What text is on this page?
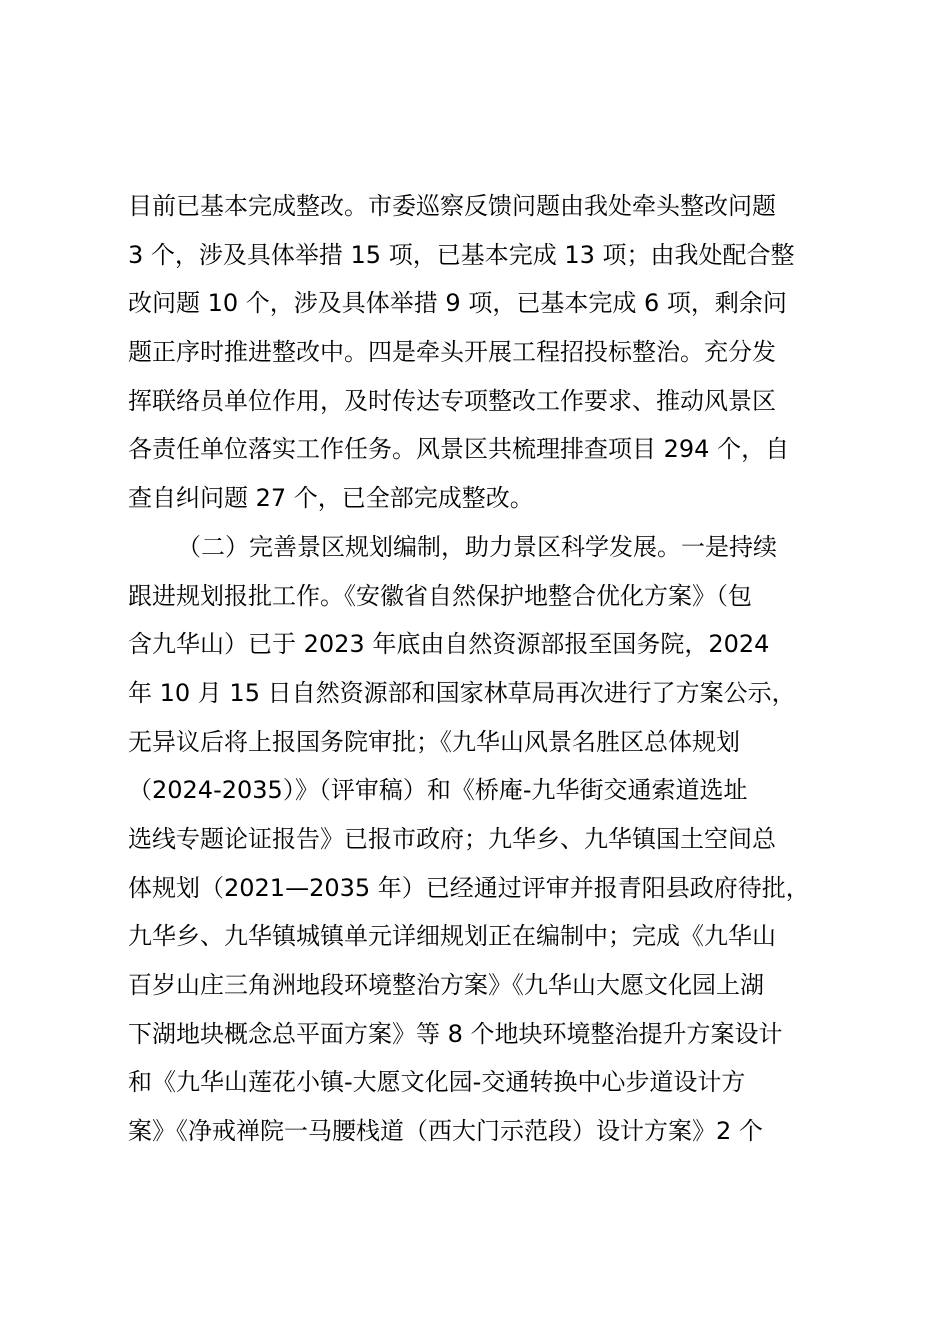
目前已基本完成整改。市委巡察反馈问题由我处牵头整改问题
3 个，涉及具体举措 15 项，已基本完成 13 项；由我处配合整
改问题 10 个，涉及具体举措 9 项，已基本完成 6 项，剩余问
题正序时推进整改中。四是牵头开展工程招投标整治。充分发
挥联络员单位作用，及时传达专项整改工作要求、推动风景区
各责任单位落实工作任务。风景区共梳理排查项目 294 个，自
查自纠问题 27 个，已全部完成整改。
（二）完善景区规划编制，助力景区科学发展。一是持续
跟进规划报批工作。《安徽省自然保护地整合优化方案》（包
含九华山）已于 2023 年底由自然资源部报至国务院，2024
年 10 月 15 日自然资源部和国家林草局再次进行了方案公示，
无异议后将上报国务院审批；《九华山风景名胜区总体规划
（2024-2035）》（评审稿）和《桥庵-九华街交通索道选址
选线专题论证报告》已报市政府；九华乡、九华镇国土空间总
体规划（2021—2035 年）已经通过评审并报青阳县政府待批，
九华乡、九华镇城镇单元详细规划正在编制中；完成《九华山
百岁山庄三角洲地段环境整治方案》《九华山大愿文化园上湖
下湖地块概念总平面方案》等 8 个地块环境整治提升方案设计
和《九华山莲花小镇-大愿文化园-交通转换中心步道设计方
案》《净戒禅院一马腰栈道（西大门示范段）设计方案》2 个
